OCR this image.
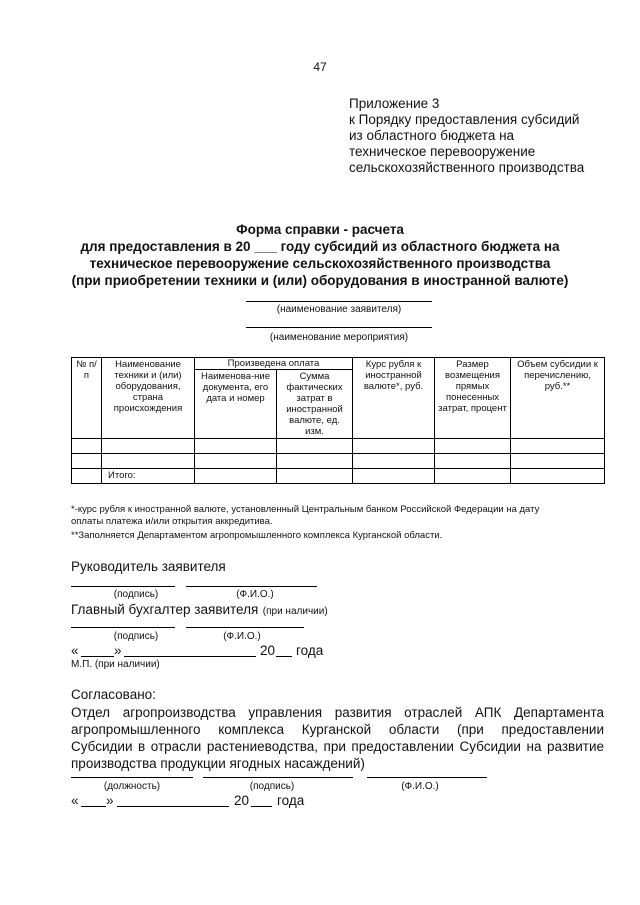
47
Приложение 3
к Порядку предоставления субсидий
из областного бюджета на
техническое перевооружение
сельскохозяйственного производства
Форма справки - расчета
для предоставления в 20 ___ году субсидий из областного бюджета на
техническое перевооружение сельскохозяйственного производства
(при приобретении техники и (или) оборудования в иностранной валюте)
(наименование заявителя)
(наименование мероприятия)
№ п/п	Наименование техники и (или) оборудования, страна происхождения	Произведена оплата		Курс рубля к иностранной валюте*, руб.	Размер возмещения прямых понесенных затрат, процент	Объем субсидии к перечислению, руб.**
		Наименова-ние документа, его дата и номер	Сумма фактических затрат в иностранной валюте, ед. изм.			

	Итого:					
*-курс рубля к иностранной валюте, установленный Центральным банком Российской Федерации на дату
оплаты платежа и/или открытия аккредитива.
**Заполняется Департаментом агропромышленного комплекса Курганской области.
Руководитель заявителя
(подпись)	(Ф.И.О.)
Главный бухгалтер заявителя (при наличии)
(подпись)	(Ф.И.О.)
«	»	20 года
М.П. (при наличии)
Согласовано:
Отдел агропроизводства управления развития отраслей АПК Департамента
агропромышленного комплекса Курганской области (при предоставлении
Субсидии в отрасли растениеводства, при предоставлении Субсидии на развитие
производства продукции ягодных насаждений)
(должность)	(подпись)	(Ф.И.О.)
« »	20 года
